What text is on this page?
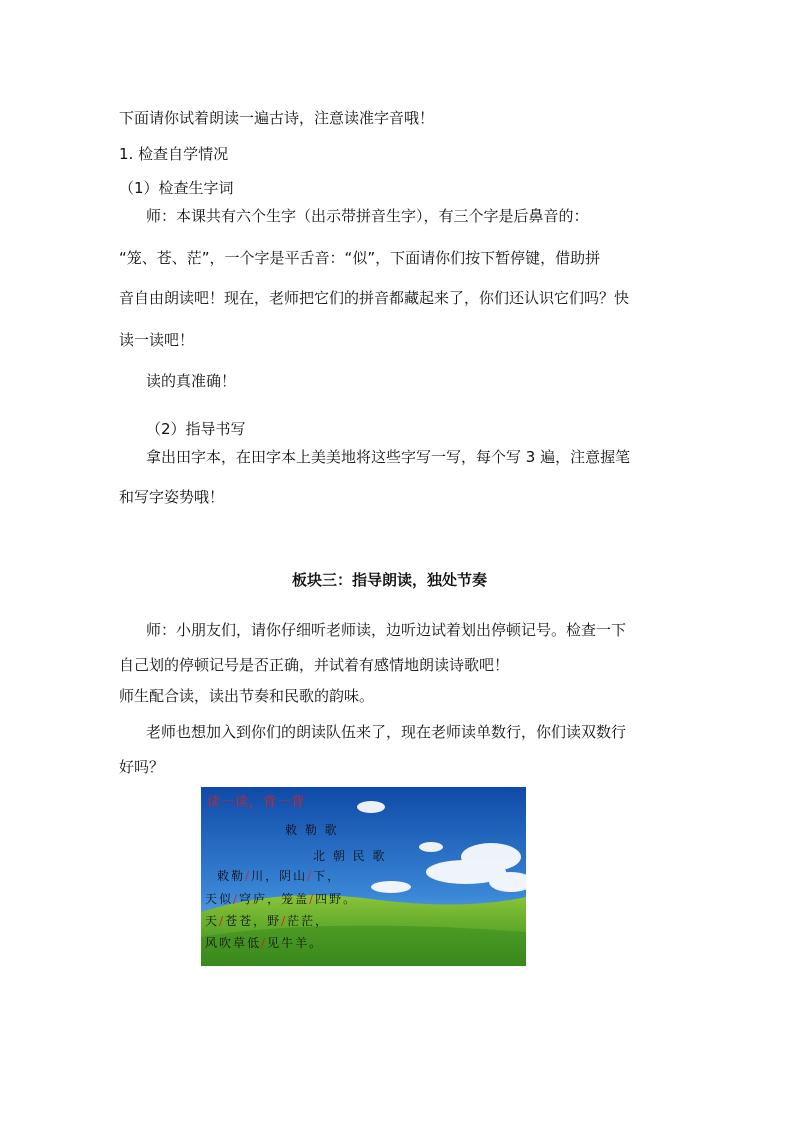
下面请你试着朗读一遍古诗，注意读准字音哦！
1. 检查自学情况
（1）检查生字词
师：本课共有六个生字（出示带拼音生字），有三个字是后鼻音的：
“笼、苍、茫”，一个字是平舌音：“似”，下面请你们按下暂停键，借助拼
音自由朗读吧！现在，老师把它们的拼音都藏起来了，你们还认识它们吗？快
读一读吧！
读的真准确！
（2）指导书写
拿出田字本，在田字本上美美地将这些字写一写，每个写 3 遍，注意握笔
和写字姿势哦！
板块三：指导朗读，独处节奏
师：小朋友们，请你仔细听老师读，边听边试着划出停顿记号。检查一下
自己划的停顿记号是否正确，并试着有感情地朗读诗歌吧！
师生配合读，读出节奏和民歌的韵味。
老师也想加入到你们的朗读队伍来了，现在老师读单数行，你们读双数行
好吗？
读一读，背一背
敕 勒 歌
北 朝 民 歌
敕勒/川，阴山/下，
天似/穹庐，笼盖/四野。
天/苍苍，野/茫茫，
风吹草低/见牛羊。
